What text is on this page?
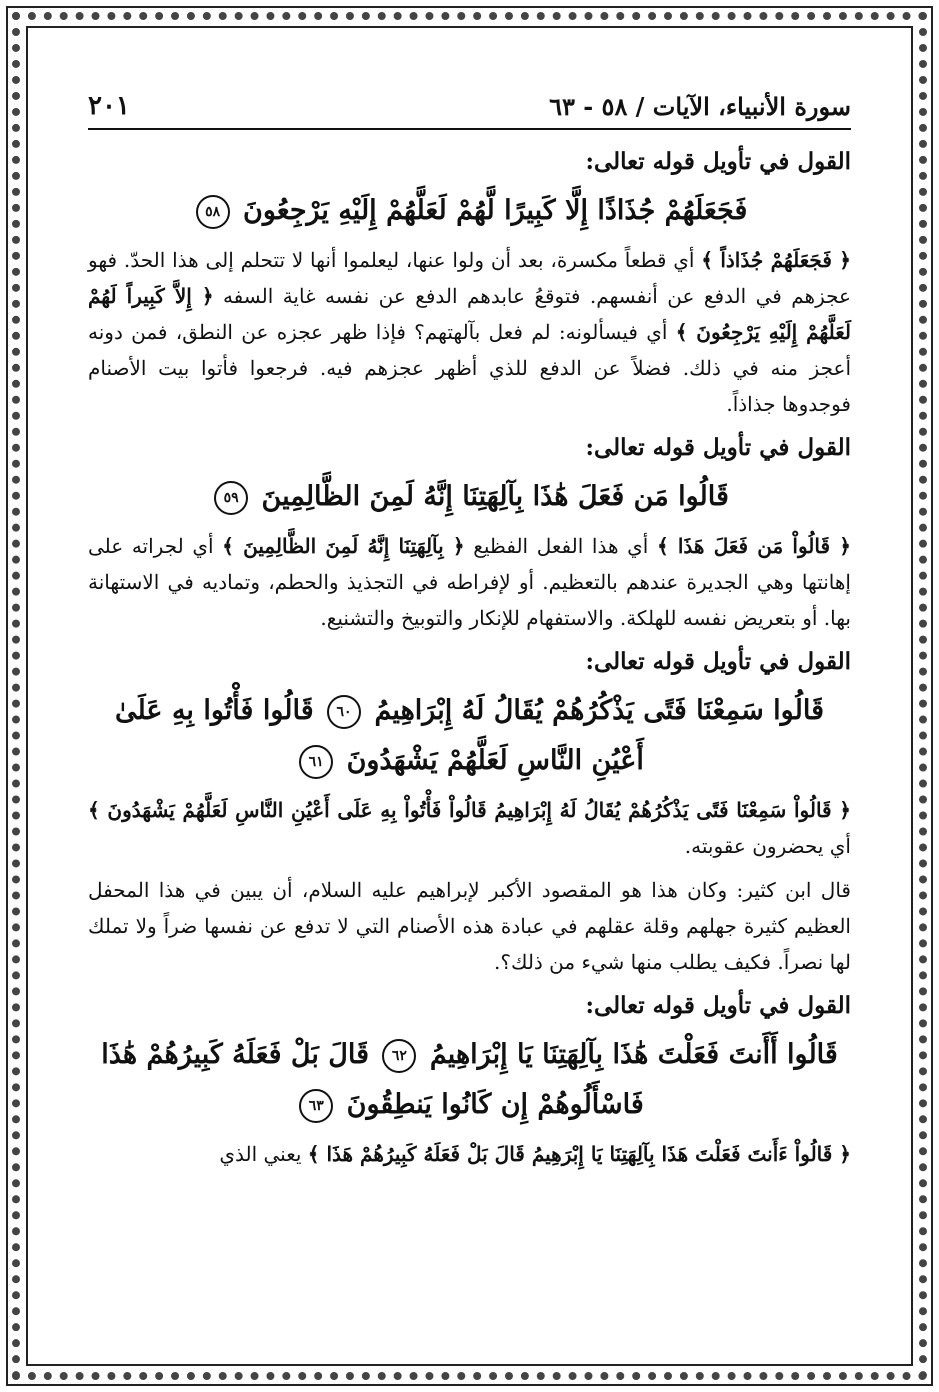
سورة الأنبياء، الآيات / ٥٨ - ٦٣
٢٠١
القول في تأويل قوله تعالى:
فَجَعَلَهُمْ جُذَاذًا إِلَّا كَبِيرًا لَّهُمْ لَعَلَّهُمْ إِلَيْهِ يَرْجِعُونَ ٥٨

﴿ فَجَعَلَهُمْ جُذَاذاً ﴾ أي قطعاً مكسرة، بعد أن ولوا عنها، ليعلموا أنها لا تتحلم إلى هذا الحدّ. فهو عجزهم في الدفع عن أنفسهم. فتوقعُ عابدهم الدفع عن نفسه غاية السفه ﴿ إِلاَّ كَبِيراً لَهُمْ لَعَلَّهُمْ إِلَيْهِ يَرْجِعُونَ ﴾ أي فيسألونه: لم فعل بآلهتهم؟ فإذا ظهر عجزه عن النطق، فمن دونه أعجز منه في ذلك. فضلاً عن الدفع للذي أظهر عجزهم فيه. فرجعوا فأتوا بيت الأصنام فوجدوها جذاذاً.

القول في تأويل قوله تعالى:
قَالُوا مَن فَعَلَ هَٰذَا بِآلِهَتِنَا إِنَّهُ لَمِنَ الظَّالِمِينَ ٥٩

﴿ قَالُواْ مَن فَعَلَ هَذَا ﴾ أي هذا الفعل الفظيع ﴿ بِآلِهَتِنَا إِنَّهُ لَمِنَ الظَّالِمِينَ ﴾ أي لجراته على إهانتها وهي الجديرة عندهم بالتعظيم. أو لإفراطه في التجذيذ والحطم، وتماديه في الاستهانة بها. أو بتعريض نفسه للهلكة. والاستفهام للإنكار والتوبيخ والتشنيع.

القول في تأويل قوله تعالى:
قَالُوا سَمِعْنَا فَتًى يَذْكُرُهُمْ يُقَالُ لَهُ إِبْرَاهِيمُ ٦٠ قَالُوا فَأْتُوا بِهِ عَلَىٰ أَعْيُنِ النَّاسِ لَعَلَّهُمْ يَشْهَدُونَ ٦١

﴿ قَالُواْ سَمِعْنَا فَتًى يَذْكُرُهُمْ يُقَالُ لَهُ إِبْرَاهِيمُ قَالُواْ فَأْتُواْ بِهِ عَلَى أَعْيُنِ النَّاسِ لَعَلَّهُمْ يَشْهَدُونَ ﴾ أي يحضرون عقوبته.

قال ابن كثير: وكان هذا هو المقصود الأكبر لإبراهيم عليه السلام، أن يبين في هذا المحفل العظيم كثيرة جهلهم وقلة عقلهم في عبادة هذه الأصنام التي لا تدفع عن نفسها ضراً ولا تملك لها نصراً. فكيف يطلب منها شيء من ذلك؟.

القول في تأويل قوله تعالى:
قَالُوا أَأَنتَ فَعَلْتَ هَٰذَا بِآلِهَتِنَا يَا إِبْرَاهِيمُ ٦٢ قَالَ بَلْ فَعَلَهُ كَبِيرُهُمْ هَٰذَا فَاسْأَلُوهُمْ إِن كَانُوا يَنطِقُونَ ٦٣

﴿ قَالُواْ ءَأَنتَ فَعَلْتَ هَذَا بِآلِهَتِنَا يَا إِبْرَهِيمُ قَالَ بَلْ فَعَلَهُ كَبِيرُهُمْ هَذَا ﴾ يعني الذي
